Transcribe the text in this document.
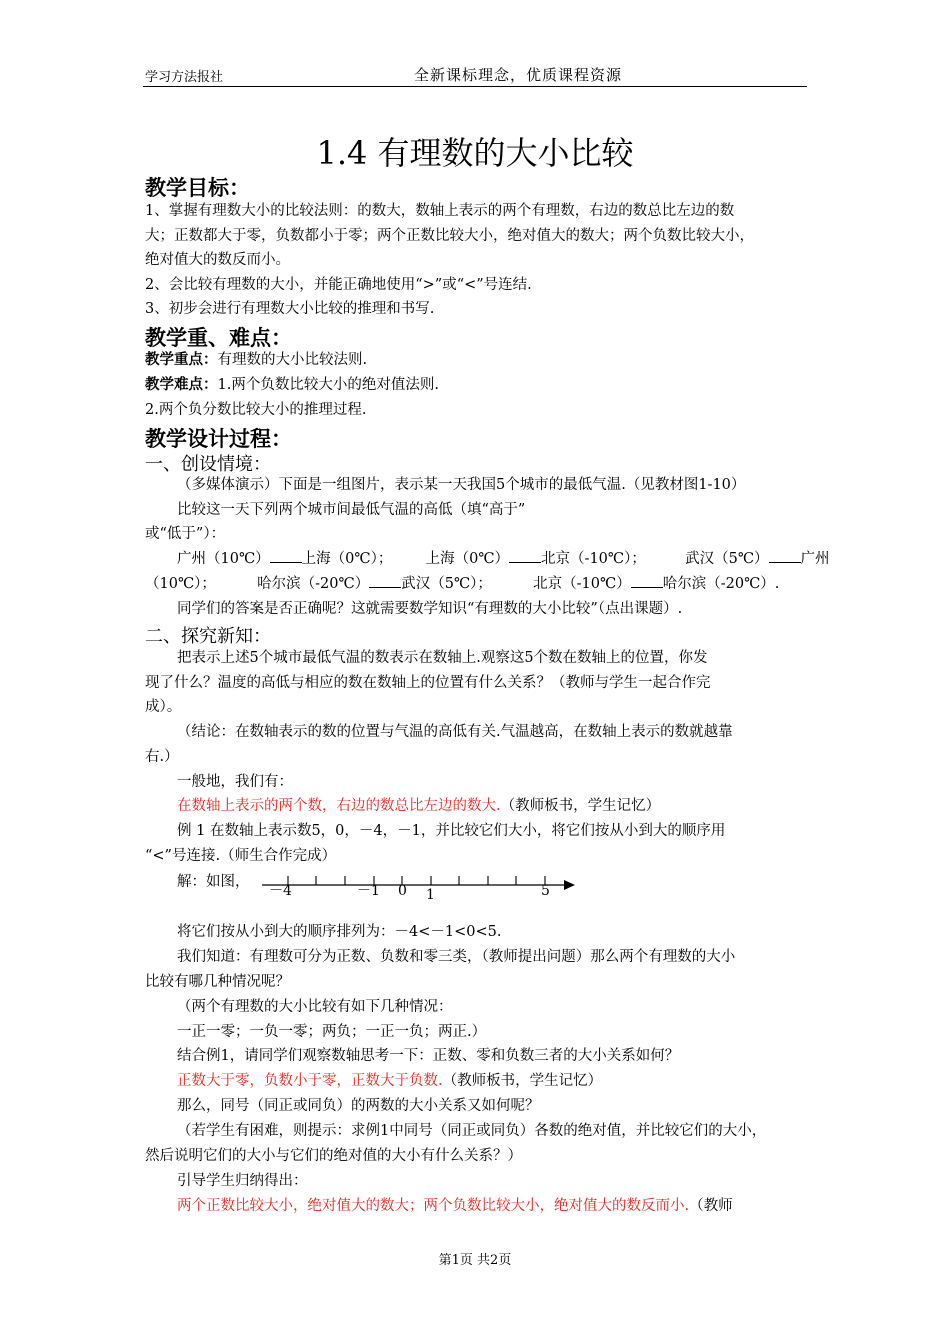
学习方法报社	全新课标理念，优质课程资源
1.4 有理数的大小比较
教学目标：
1、掌握有理数大小的比较法则：的数大，数轴上表示的两个有理数，右边的数总比左边的数
大；正数都大于零，负数都小于零；两个正数比较大小，绝对值大的数大；两个负数比较大小，
绝对值大的数反而小。
2、会比较有理数的大小，并能正确地使用“>”或“<”号连结.
3、初步会进行有理数大小比较的推理和书写.
教学重、难点：
教学重点：有理数的大小比较法则.
教学难点：1.两个负数比较大小的绝对值法则.
2.两个负分数比较大小的推理过程.
教学设计过程：
一、创设情境：
（多媒体演示）下面是一组图片，表示某一天我国5个城市的最低气温.（见教材图1-10）
比较这一天下列两个城市间最低气温的高低（填“高于”
或“低于”）：
广州（10℃） 上海（0℃）； 上海（0℃） 北京（-10℃）；	武汉（5℃） 广州
（10℃）；	哈尔滨（-20℃） 武汉（5℃）；	北京（-10℃） 哈尔滨（-20℃）.
同学们的答案是否正确呢？这就需要数学知识“有理数的大小比较”（点出课题）.
二、探究新知：
把表示上述5个城市最低气温的数表示在数轴上.观察这5个数在数轴上的位置，你发
现了什么？温度的高低与相应的数在数轴上的位置有什么关系？（教师与学生一起合作完
成）。
（结论：在数轴表示的数的位置与气温的高低有关.气温越高，在数轴上表示的数就越靠
右.）
一般地，我们有：
在数轴上表示的两个数，右边的数总比左边的数大.（教师板书，学生记忆）
例 1 在数轴上表示数5，0，－4，－1，并比较它们大小，将它们按从小到大的顺序用
“<”号连接.（师生合作完成）
解：如图，
－4	－1 0 1	5
将它们按从小到大的顺序排列为：－4<－1<0<5.
我们知道：有理数可分为正数、负数和零三类，（教师提出问题）那么两个有理数的大小
比较有哪几种情况呢？
（两个有理数的大小比较有如下几种情况：
一正一零；一负一零；两负；一正一负；两正.）
结合例1，请同学们观察数轴思考一下：正数、零和负数三者的大小关系如何？
正数大于零，负数小于零，正数大于负数.（教师板书，学生记忆）
那么，同号（同正或同负）的两数的大小关系又如何呢？
（若学生有困难，则提示：求例1中同号（同正或同负）各数的绝对值，并比较它们的大小，
然后说明它们的大小与它们的绝对值的大小有什么关系？）
引导学生归纳得出：
两个正数比较大小，绝对值大的数大；两个负数比较大小，绝对值大的数反而小.（教师
第1页 共2页
